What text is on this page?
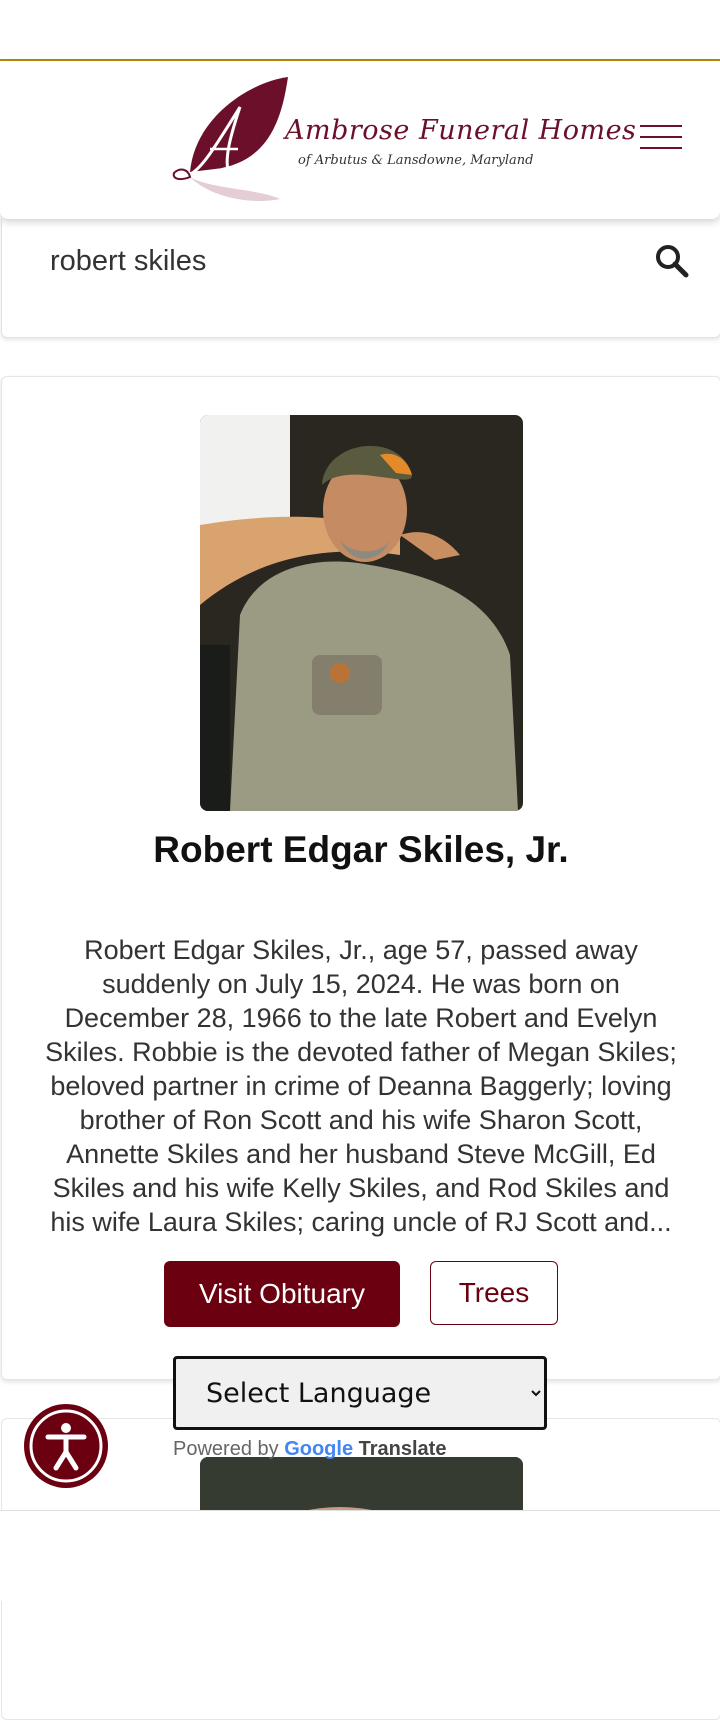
Ambrose Funeral Homes
of Arbutus & Lansdowne, Maryland
robert skiles
Robert Edgar Skiles, Jr.

Robert Edgar Skiles, Jr., age 57, passed away suddenly on July 15, 2024. He was born on December 28, 1966 to the late Robert and Evelyn Skiles. Robbie is the devoted father of Megan Skiles; beloved partner in crime of Deanna Baggerly; loving brother of Ron Scott and his wife Sharon Scott, Annette Skiles and her husband Steve McGill, Ed Skiles and his wife Kelly Skiles, and Rod Skiles and his wife Laura Skiles; caring uncle of RJ Scott and...

Visit Obituary	Trees
Select Language
Powered by Google Translate
